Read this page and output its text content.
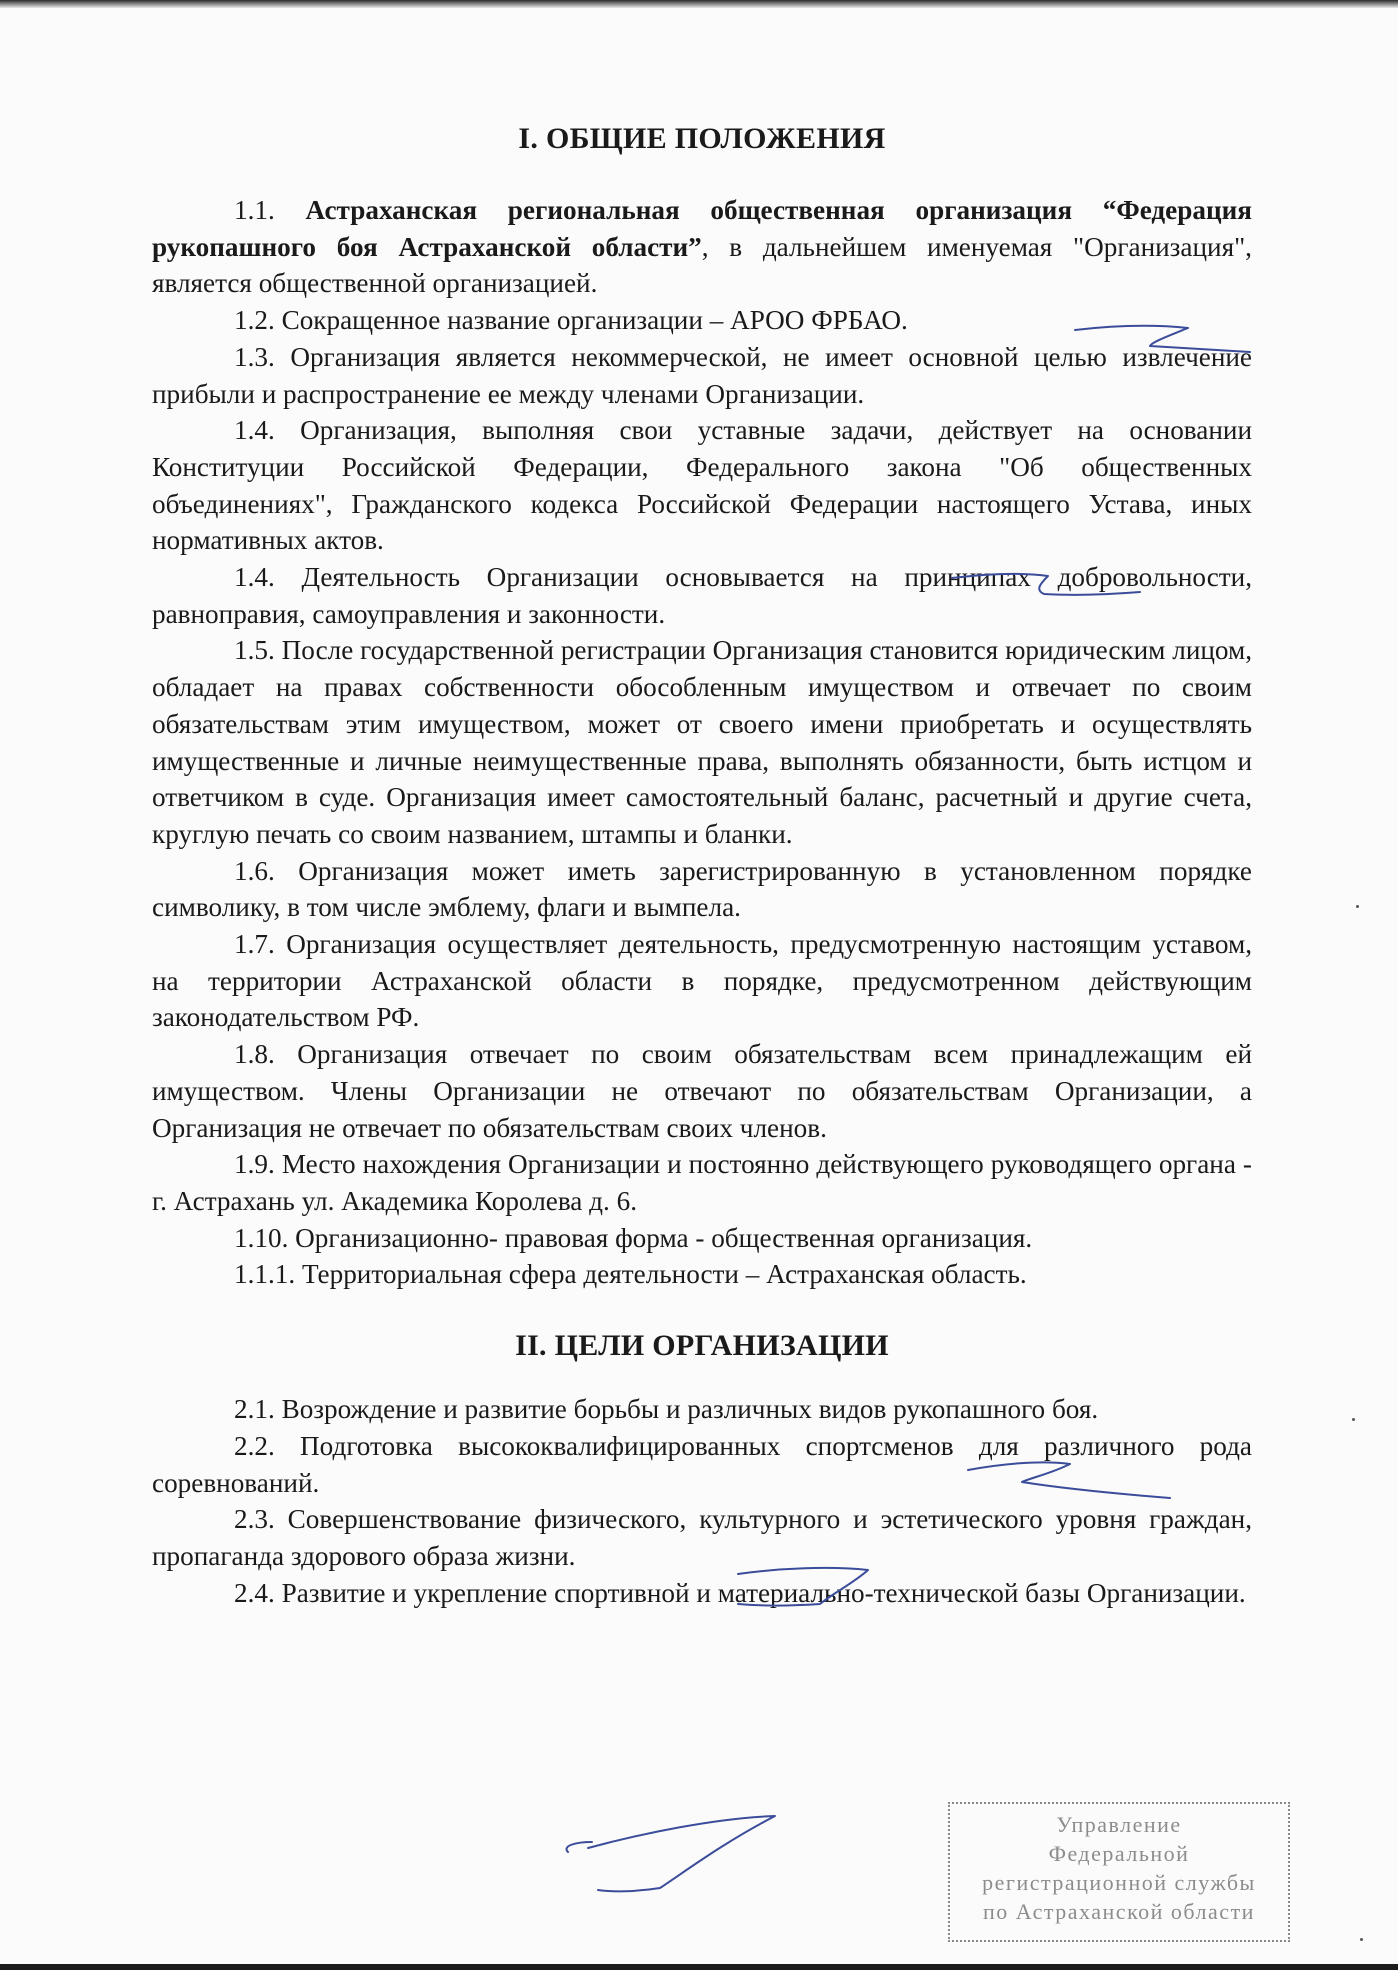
I. ОБЩИЕ ПОЛОЖЕНИЯ

1.1. Астраханская региональная общественная организация “Федерация рукопашного боя Астраханской области”, в дальнейшем именуемая "Организация", является общественной организацией.

1.2. Сокращенное название организации – АРОО ФРБАО.

1.3. Организация является некоммерческой, не имеет основной целью извлечение прибыли и распространение ее между членами Организации.

1.4. Организация, выполняя свои уставные задачи, действует на основании Конституции Российской Федерации, Федерального закона "Об общественных объединениях", Гражданского кодекса Российской Федерации настоящего Устава, иных нормативных актов.

1.4. Деятельность Организации основывается на принципах добровольности, равноправия, самоуправления и законности.

1.5. После государственной регистрации Организация становится юридическим лицом, обладает на правах собственности обособленным имуществом и отвечает по своим обязательствам этим имуществом, может от своего имени приобретать и осуществлять имущественные и личные неимущественные права, выполнять обязанности, быть истцом и ответчиком в суде. Организация имеет самостоятельный баланс, расчетный и другие счета, круглую печать со своим названием, штампы и бланки.

1.6. Организация может иметь зарегистрированную в установленном порядке символику, в том числе эмблему, флаги и вымпела.

1.7. Организация осуществляет деятельность, предусмотренную настоящим уставом, на территории Астраханской области в порядке, предусмотренном действующим законодательством РФ.

1.8. Организация отвечает по своим обязательствам всем принадлежащим ей имуществом. Члены Организации не отвечают по обязательствам Организации, а Организация не отвечает по обязательствам своих членов.

1.9. Место нахождения Организации и постоянно действующего руководящего органа - г. Астрахань ул. Академика Королева д. 6.

1.10. Организационно- правовая форма - общественная организация.

1.1.1. Территориальная сфера деятельности – Астраханская область.

II. ЦЕЛИ ОРГАНИЗАЦИИ

2.1. Возрождение и развитие борьбы и различных видов рукопашного боя.

2.2. Подготовка высококвалифицированных спортсменов для различного рода соревнований.

2.3. Совершенствование физического, культурного и эстетического уровня граждан, пропаганда здорового образа жизни.

2.4. Развитие и укрепление спортивной и материально-технической базы Организации.

Управление
Федеральной
регистрационной службы
по Астраханской области
